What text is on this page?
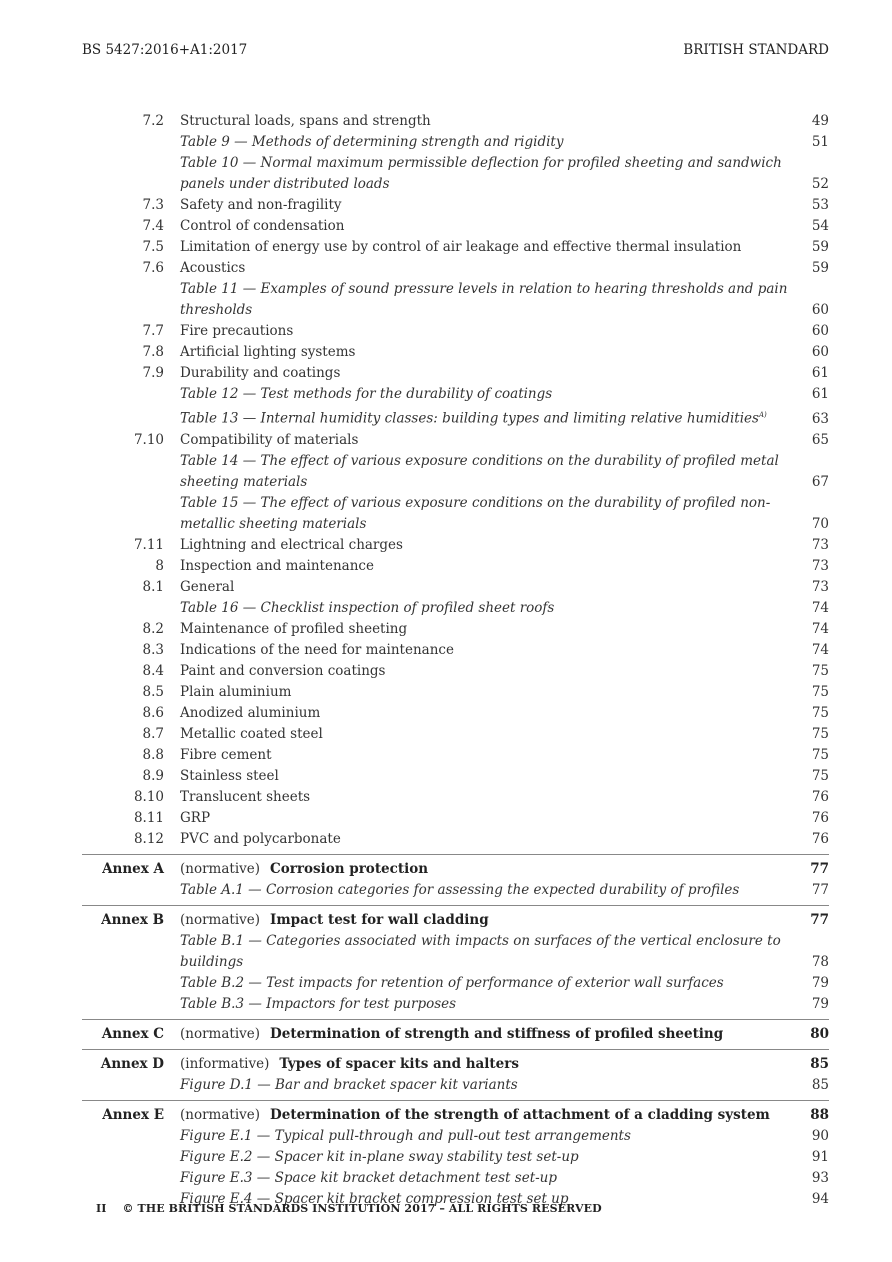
BS 5427:2016+A1:2017	BRITISH STANDARD
7.2 Structural loads, spans and strength	49
Table 9 — Methods of determining strength and rigidity	51
Table 10 — Normal maximum permissible deflection for profiled sheeting and sandwich panels under distributed loads	52
7.3 Safety and non-fragility	53
7.4 Control of condensation	54
7.5 Limitation of energy use by control of air leakage and effective thermal insulation	59
7.6 Acoustics	59
Table 11 — Examples of sound pressure levels in relation to hearing thresholds and pain thresholds	60
7.7 Fire precautions	60
7.8 Artificial lighting systems	60
7.9 Durability and coatings	61
Table 12 — Test methods for the durability of coatings	61
Table 13 — Internal humidity classes: building types and limiting relative humidities$^{A)}$	63
7.10 Compatibility of materials	65
Table 14 — The effect of various exposure conditions on the durability of profiled metal sheeting materials	67
Table 15 — The effect of various exposure conditions on the durability of profiled non-metallic sheeting materials	70
7.11 Lightning and electrical charges	73
8 Inspection and maintenance	73
8.1 General	73
Table 16 — Checklist inspection of profiled sheet roofs	74
8.2 Maintenance of profiled sheeting	74
8.3 Indications of the need for maintenance	74
8.4 Paint and conversion coatings	75
8.5 Plain aluminium	75
8.6 Anodized aluminium	75
8.7 Metallic coated steel	75
8.8 Fibre cement	75
8.9 Stainless steel	75
8.10 Translucent sheets	76
8.11 GRP	76
8.12 PVC and polycarbonate	76
Annex A (normative) Corrosion protection	77
Table A.1 — Corrosion categories for assessing the expected durability of profiles	77
Annex B (normative) Impact test for wall cladding	77
Table B.1 — Categories associated with impacts on surfaces of the vertical enclosure to buildings	78
Table B.2 — Test impacts for retention of performance of exterior wall surfaces	79
Table B.3 — Impactors for test purposes	79
Annex C (normative) Determination of strength and stiffness of profiled sheeting	80
Annex D (informative) Types of spacer kits and halters	85
Figure D.1 — Bar and bracket spacer kit variants	85
Annex E (normative) Determination of the strength of attachment of a cladding system	88
Figure E.1 — Typical pull-through and pull-out test arrangements	90
Figure E.2 — Spacer kit in-plane sway stability test set-up	91
Figure E.3 — Space kit bracket detachment test set-up	93
Figure E.4 — Spacer kit bracket compression test set up	94
II © THE BRITISH STANDARDS INSTITUTION 2017 – ALL RIGHTS RESERVED
